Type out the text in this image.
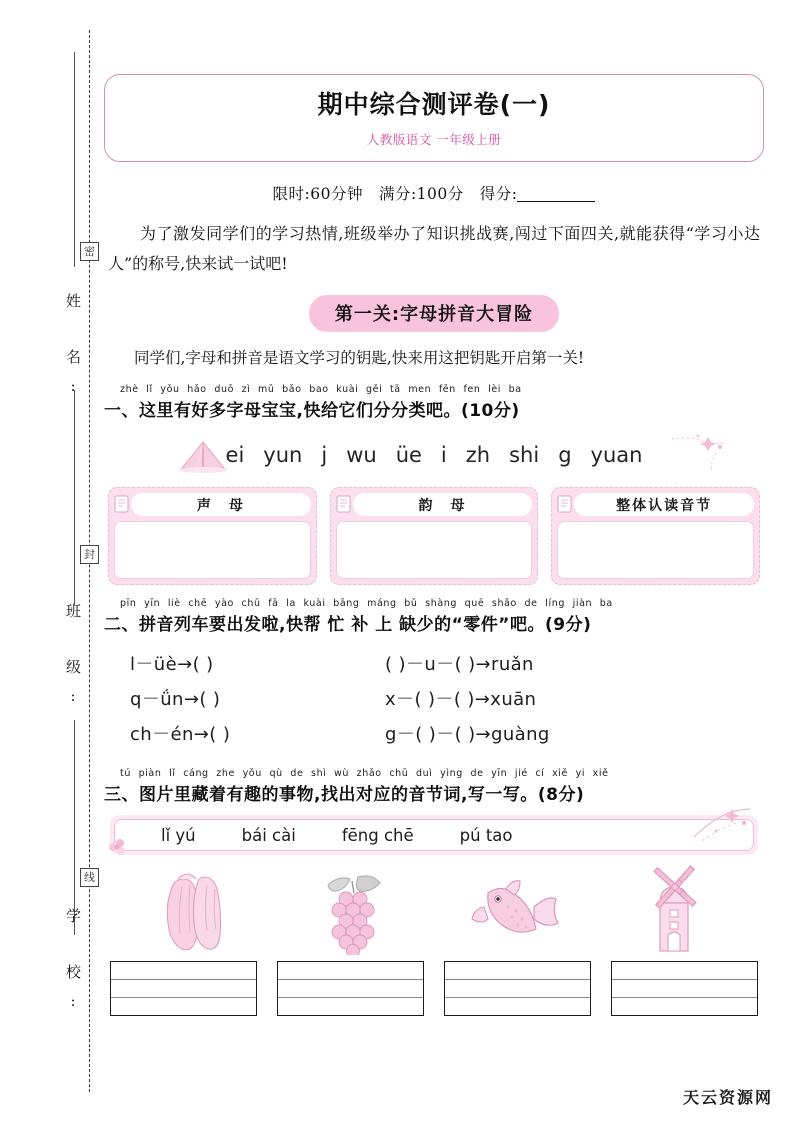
密
封
线
姓　名:
班　级:
学　校:
期中综合测评卷(一)
人教版语文 一年级上册
限时:60分钟　满分:100分　得分:

为了激发同学们的学习热情,班级举办了知识挑战赛,闯过下面四关,就能获得“学习小达人”的称号,快来试一试吧!

第一关:字母拼音大冒险

同学们,字母和拼音是语文学习的钥匙,快来用这把钥匙开启第一关!

zhè lǐ yǒu hǎo duō zì mǔ bǎo bao kuài gěi tā men fēn fen lèi ba
一、这里有好多字母宝宝,快给它们分分类吧。(10分)
ei yun j wu üe i zh shi g yuan
声　母	韵　母	整体认读音节
pīn yīn liè chē yào chū fā la kuài bāng máng bǔ shàng quē shǎo de líng jiàn ba
二、拼音列车要出发啦,快帮 忙 补 上 缺少的“零件”吧。(9分)
l－üè→( )	( )－u－( )→ruǎn
q－ǘn→( )	x－( )－( )→xuān
ch－én→( )	g－( )－( )→guàng
tú piàn lǐ cáng zhe yǒu qù de shì wù zhǎo chū duì yìng de yīn jié cí xiě yi xiě
三、图片里藏着有趣的事物,找出对应的音节词,写一写。(8分)
lǐ yú	bái cài	fēng chē	pú tao
天云资源网
